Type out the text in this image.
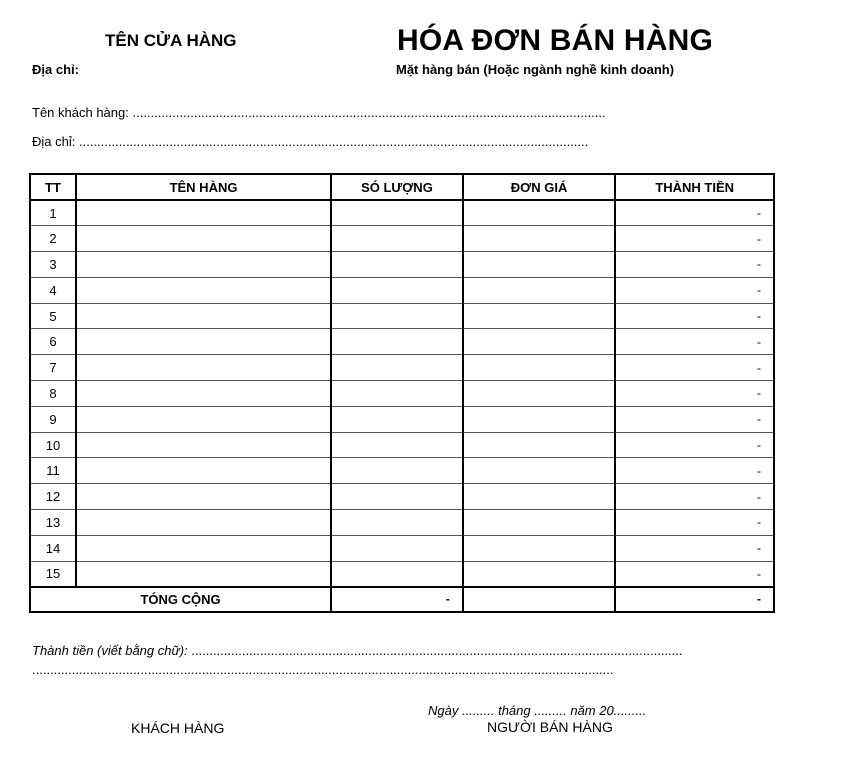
TÊN CỬA HÀNG
Địa chỉ:
HÓA ĐƠN BÁN HÀNG
Mặt hàng bán (Hoặc ngành nghề kinh doanh)
Tên khách hàng: ...................................................................................................................................
Địa chỉ: .............................................................................................................................................
TT	TÊN HÀNG	SÓ LƯỢNG	ĐƠN GIÁ	THÀNH TIỀN
1				-
2				-
3				-
4				-
5				-
6				-
7				-
8				-
9				-
10				-
11				-
12				-
13				-
14				-
15				-
TÓNG CỘNG		-		-
Thành tiền (viết bằng chữ): ........................................................................................................................................
.................................................................................................................................................................
Ngày ......... tháng ......... năm 20.........
KHÁCH HÀNG	NGƯỜI BÁN HÀNG
